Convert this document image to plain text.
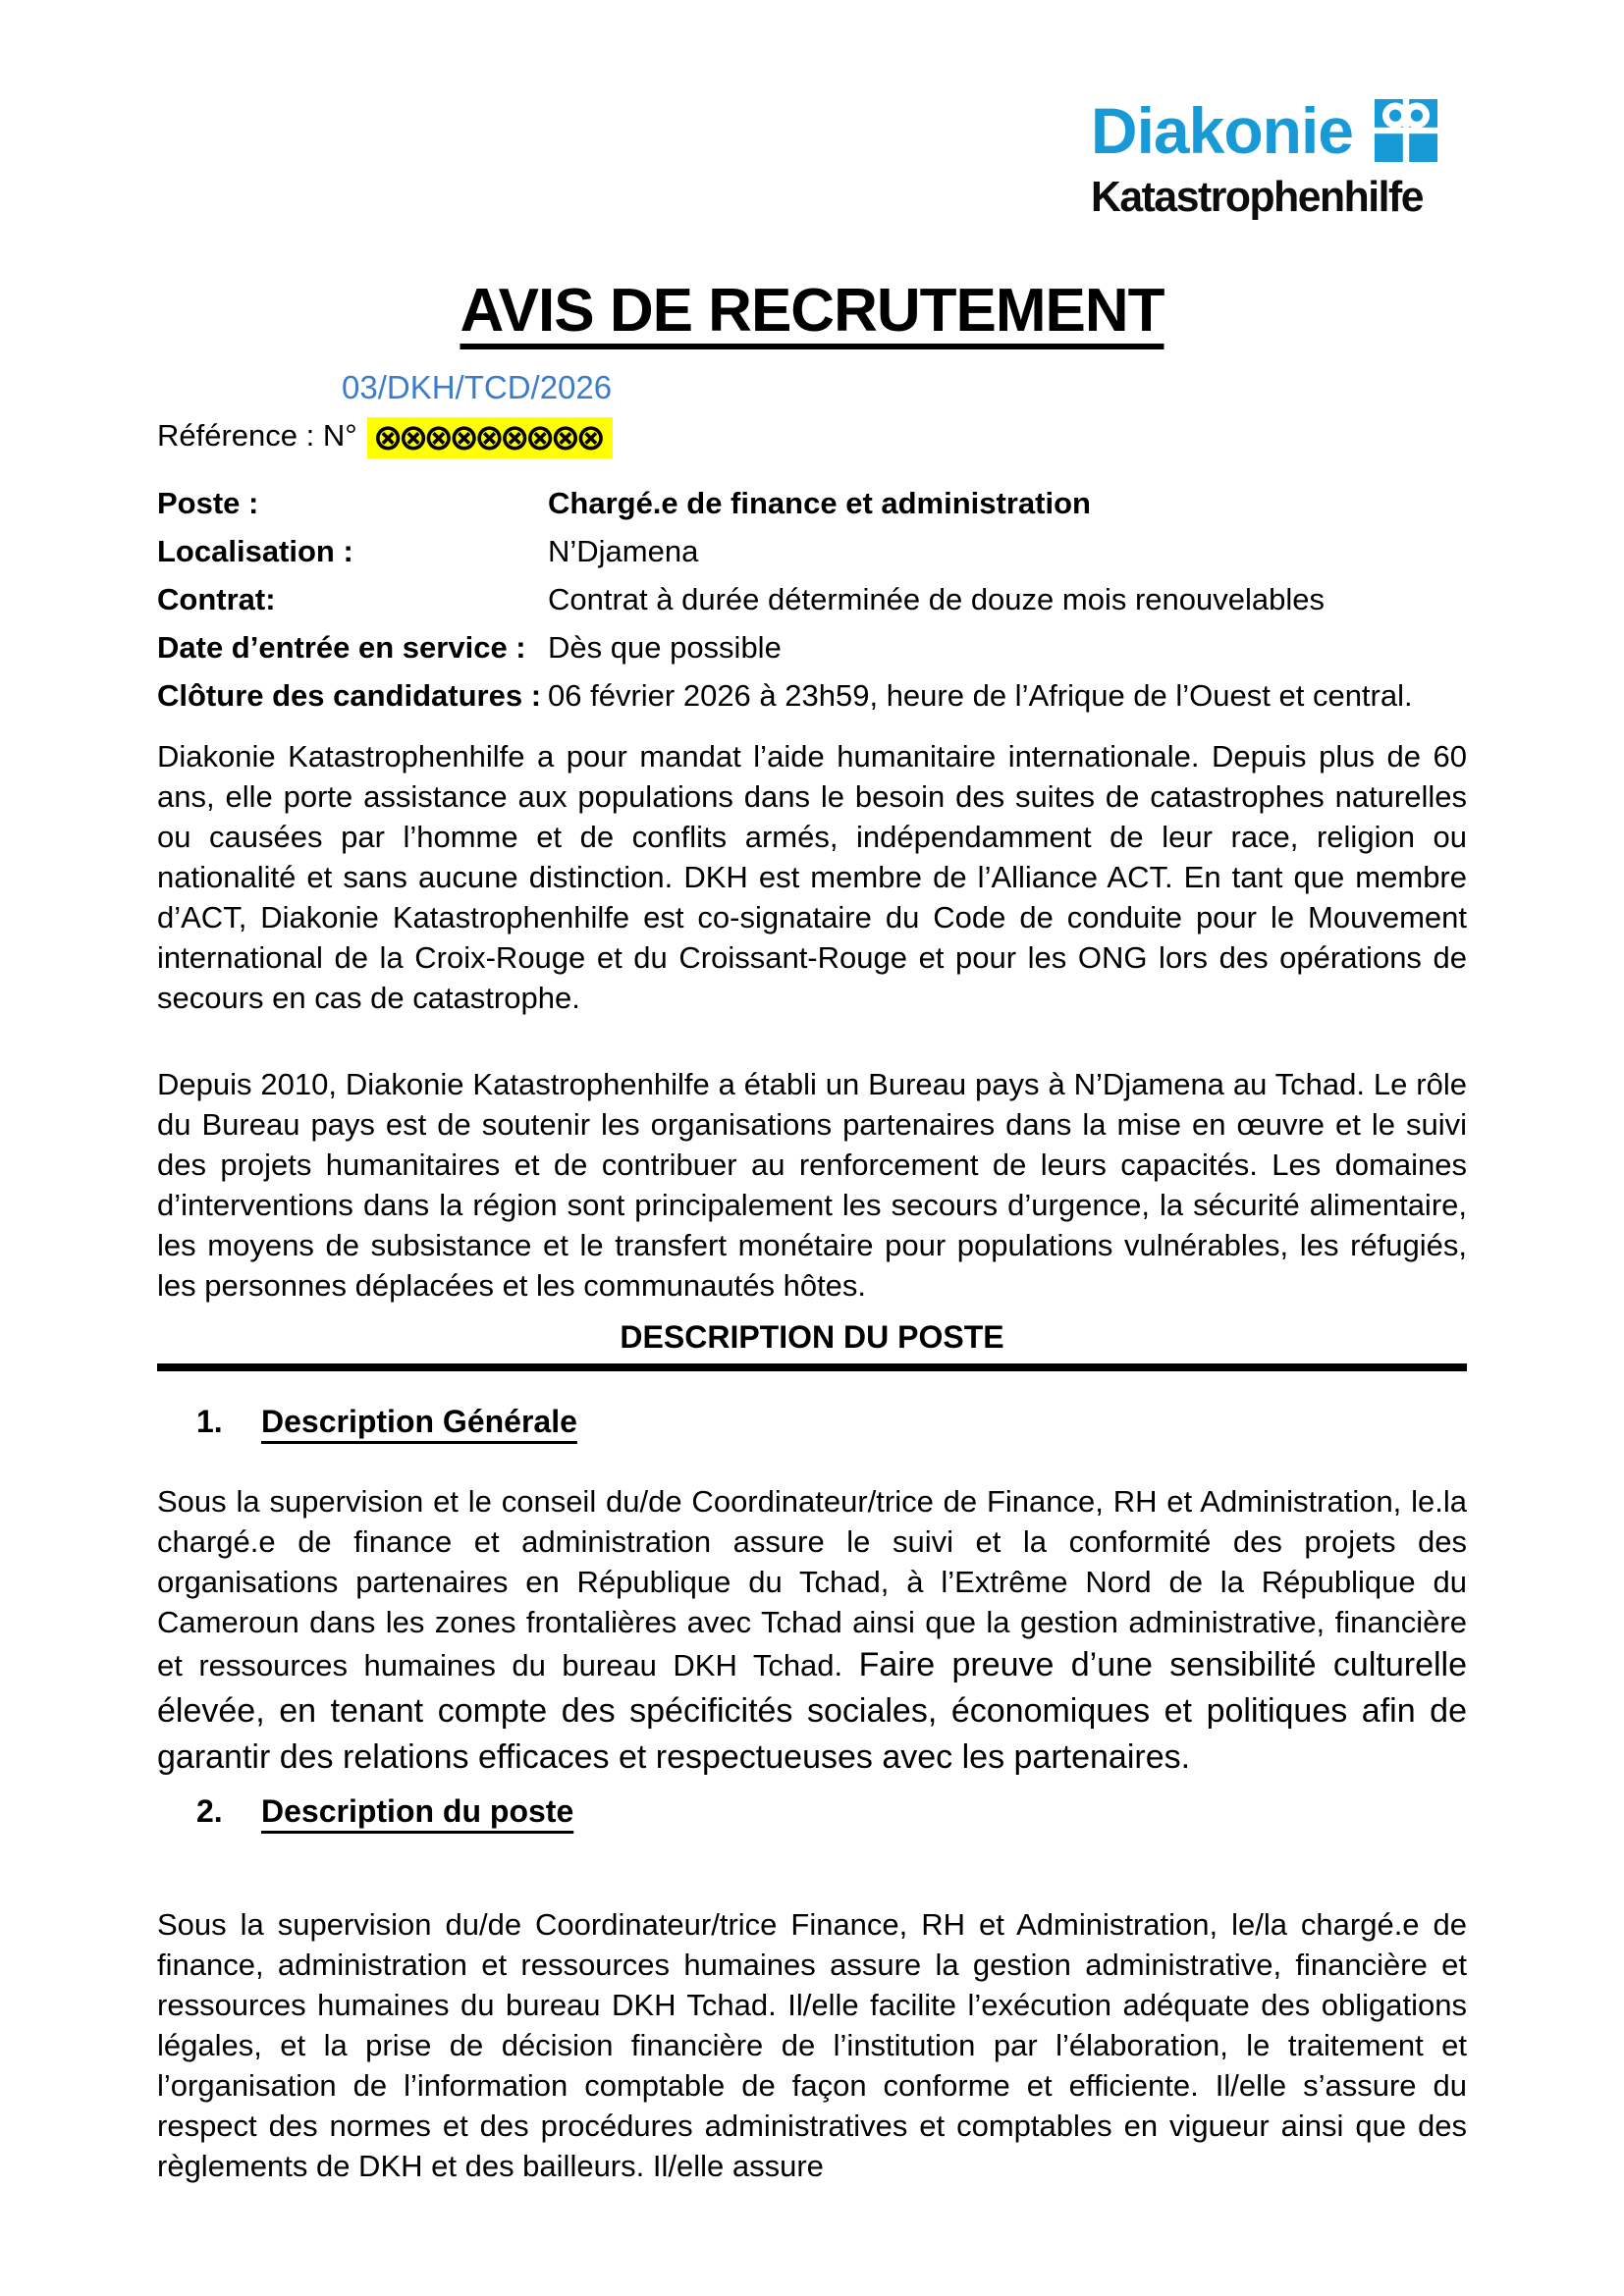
Diakonie
Katastrophenhilfe
AVIS DE RECRUTEMENT
03/DKH/TCD/2026
Référence : N° ⊗⊗⊗⊗⊗⊗⊗⊗⊗
Poste :	Chargé.e de finance et administration
Localisation :	N’Djamena
Contrat:	Contrat à durée déterminée de douze mois renouvelables
Date d’entrée en service : Dès que possible
Clôture des candidatures : 06 février 2026 à 23h59, heure de l’Afrique de l’Ouest et central.

Diakonie Katastrophenhilfe a pour mandat l’aide humanitaire internationale. Depuis plus de 60 ans, elle porte assistance aux populations dans le besoin des suites de catastrophes naturelles ou causées par l’homme et de conflits armés, indépendamment de leur race, religion ou nationalité et sans aucune distinction. DKH est membre de l’Alliance ACT. En tant que membre d’ACT, Diakonie Katastrophenhilfe est co-signataire du Code de conduite pour le Mouvement international de la Croix-Rouge et du Croissant-Rouge et pour les ONG lors des opérations de secours en cas de catastrophe.

Depuis 2010, Diakonie Katastrophenhilfe a établi un Bureau pays à N’Djamena au Tchad. Le rôle du Bureau pays est de soutenir les organisations partenaires dans la mise en œuvre et le suivi des projets humanitaires et de contribuer au renforcement de leurs capacités. Les domaines d’interventions dans la région sont principalement les secours d’urgence, la sécurité alimentaire, les moyens de subsistance et le transfert monétaire pour populations vulnérables, les réfugiés, les personnes déplacées et les communautés hôtes.

DESCRIPTION DU POSTE
1.	Description Générale

Sous la supervision et le conseil du/de Coordinateur/trice de Finance, RH et Administration, le.la chargé.e de finance et administration assure le suivi et la conformité des projets des organisations partenaires en République du Tchad, à l’Extrême Nord de la République du Cameroun dans les zones frontalières avec Tchad ainsi que la gestion administrative, financière et ressources humaines du bureau DKH Tchad. Faire preuve d’une sensibilité culturelle élevée, en tenant compte des spécificités sociales, économiques et politiques afin de garantir des relations efficaces et respectueuses avec les partenaires.

2.	Description du poste

Sous la supervision du/de Coordinateur/trice Finance, RH et Administration, le/la chargé.e de finance, administration et ressources humaines assure la gestion administrative, financière et ressources humaines du bureau DKH Tchad. Il/elle facilite l’exécution adéquate des obligations légales, et la prise de décision financière de l’institution par l’élaboration, le traitement et l’organisation de l’information comptable de façon conforme et efficiente. Il/elle s’assure du respect des normes et des procédures administratives et comptables en vigueur ainsi que des règlements de DKH et des bailleurs. Il/elle assure
